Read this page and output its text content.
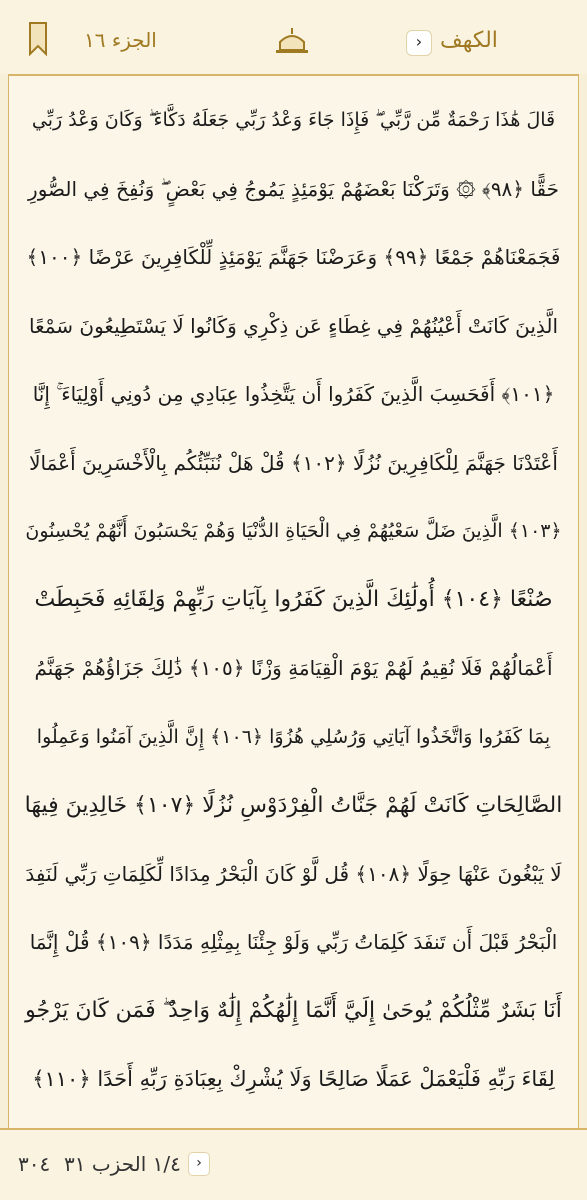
الجزء ١٦	› الكهف
قَالَ هَٰذَا رَحْمَةٌ مِّن رَّبِّي ۖ فَإِذَا جَاءَ وَعْدُ رَبِّي جَعَلَهُ دَكَّاءَ ۖ وَكَانَ وَعْدُ رَبِّي
حَقًّا ﴿٩٨﴾ ۞ وَتَرَكْنَا بَعْضَهُمْ يَوْمَئِذٍ يَمُوجُ فِي بَعْضٍ ۖ وَنُفِخَ فِي الصُّورِ
فَجَمَعْنَاهُمْ جَمْعًا ﴿٩٩﴾ وَعَرَضْنَا جَهَنَّمَ يَوْمَئِذٍ لِّلْكَافِرِينَ عَرْضًا ﴿١٠٠﴾
الَّذِينَ كَانَتْ أَعْيُنُهُمْ فِي غِطَاءٍ عَن ذِكْرِي وَكَانُوا لَا يَسْتَطِيعُونَ سَمْعًا
﴿١٠١﴾ أَفَحَسِبَ الَّذِينَ كَفَرُوا أَن يَتَّخِذُوا عِبَادِي مِن دُونِي أَوْلِيَاءَ ۚ إِنَّا
أَعْتَدْنَا جَهَنَّمَ لِلْكَافِرِينَ نُزُلًا ﴿١٠٢﴾ قُلْ هَلْ نُنَبِّئُكُم بِالْأَخْسَرِينَ أَعْمَالًا
﴿١٠٣﴾ الَّذِينَ ضَلَّ سَعْيُهُمْ فِي الْحَيَاةِ الدُّنْيَا وَهُمْ يَحْسَبُونَ أَنَّهُمْ يُحْسِنُونَ
صُنْعًا ﴿١٠٤﴾ أُولَٰئِكَ الَّذِينَ كَفَرُوا بِآيَاتِ رَبِّهِمْ وَلِقَائِهِ فَحَبِطَتْ
أَعْمَالُهُمْ فَلَا نُقِيمُ لَهُمْ يَوْمَ الْقِيَامَةِ وَزْنًا ﴿١٠٥﴾ ذَٰلِكَ جَزَاؤُهُمْ جَهَنَّمُ
بِمَا كَفَرُوا وَاتَّخَذُوا آيَاتِي وَرُسُلِي هُزُوًا ﴿١٠٦﴾ إِنَّ الَّذِينَ آمَنُوا وَعَمِلُوا
الصَّالِحَاتِ كَانَتْ لَهُمْ جَنَّاتُ الْفِرْدَوْسِ نُزُلًا ﴿١٠٧﴾ خَالِدِينَ فِيهَا
لَا يَبْغُونَ عَنْهَا حِوَلًا ﴿١٠٨﴾ قُل لَّوْ كَانَ الْبَحْرُ مِدَادًا لِّكَلِمَاتِ رَبِّي لَنَفِدَ
الْبَحْرُ قَبْلَ أَن تَنفَدَ كَلِمَاتُ رَبِّي وَلَوْ جِئْنَا بِمِثْلِهِ مَدَدًا ﴿١٠٩﴾ قُلْ إِنَّمَا
أَنَا بَشَرٌ مِّثْلُكُمْ يُوحَىٰ إِلَيَّ أَنَّمَا إِلَٰهُكُمْ إِلَٰهٌ وَاحِدٌ ۖ فَمَن كَانَ يَرْجُو
لِقَاءَ رَبِّهِ فَلْيَعْمَلْ عَمَلًا صَالِحًا وَلَا يُشْرِكْ بِعِبَادَةِ رَبِّهِ أَحَدًا ﴿١١٠﴾
٣٠٤ ١/٤ الحزب ٣١	›
